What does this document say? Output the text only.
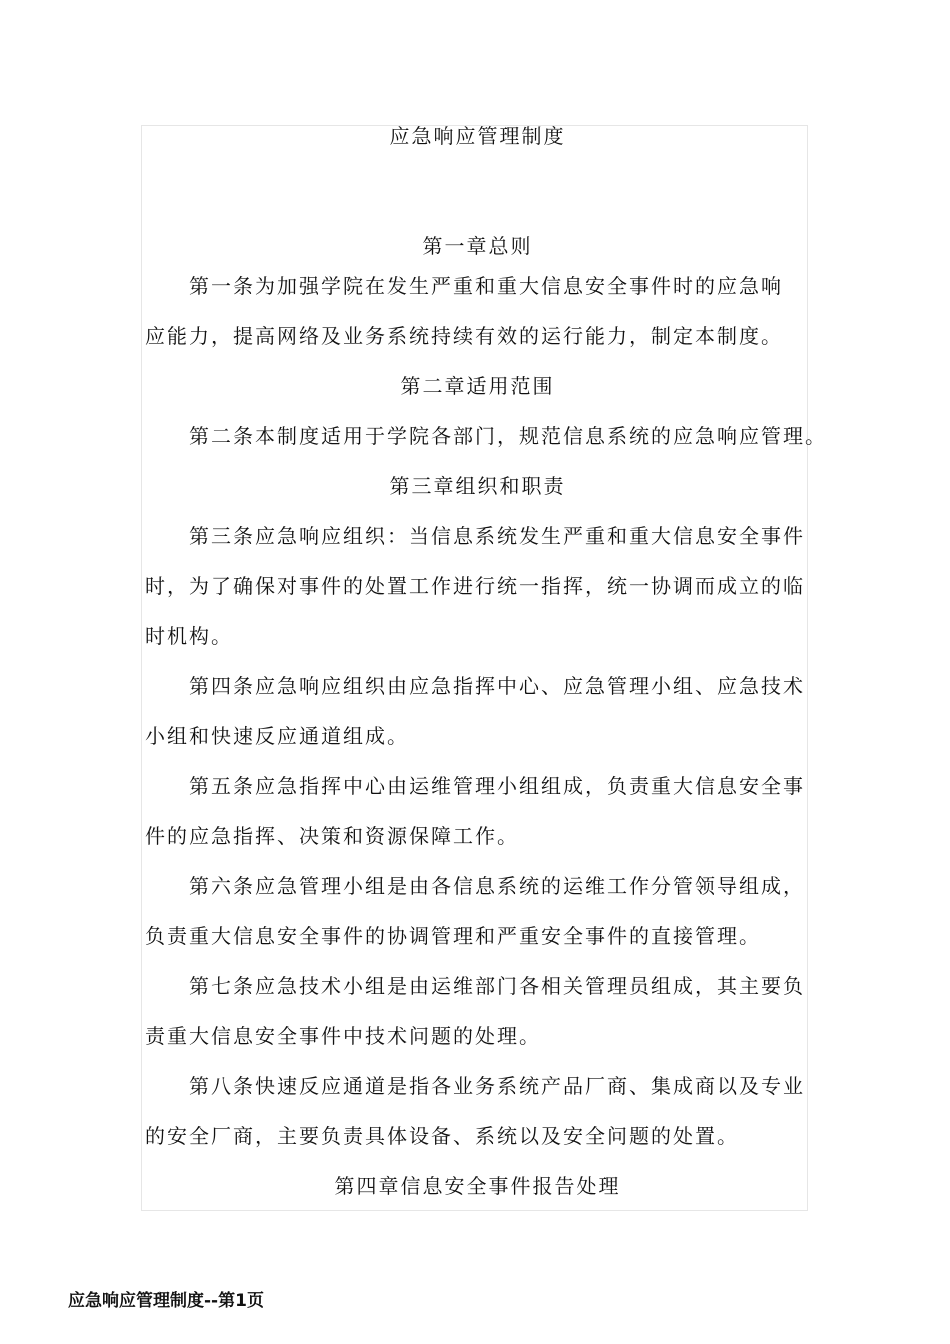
应急响应管理制度
第一章总则
第一条为加强学院在发生严重和重大信息安全事件时的应急响
应能力，提高网络及业务系统持续有效的运行能力，制定本制度。
第二章适用范围
第二条本制度适用于学院各部门，规范信息系统的应急响应管理。
第三章组织和职责
第三条应急响应组织：当信息系统发生严重和重大信息安全事件
时，为了确保对事件的处置工作进行统一指挥，统一协调而成立的临
时机构。
第四条应急响应组织由应急指挥中心、应急管理小组、应急技术
小组和快速反应通道组成。
第五条应急指挥中心由运维管理小组组成，负责重大信息安全事
件的应急指挥、决策和资源保障工作。
第六条应急管理小组是由各信息系统的运维工作分管领导组成，
负责重大信息安全事件的协调管理和严重安全事件的直接管理。
第七条应急技术小组是由运维部门各相关管理员组成，其主要负
责重大信息安全事件中技术问题的处理。
第八条快速反应通道是指各业务系统产品厂商、集成商以及专业
的安全厂商，主要负责具体设备、系统以及安全问题的处置。
第四章信息安全事件报告处理
应急响应管理制度--第1页
